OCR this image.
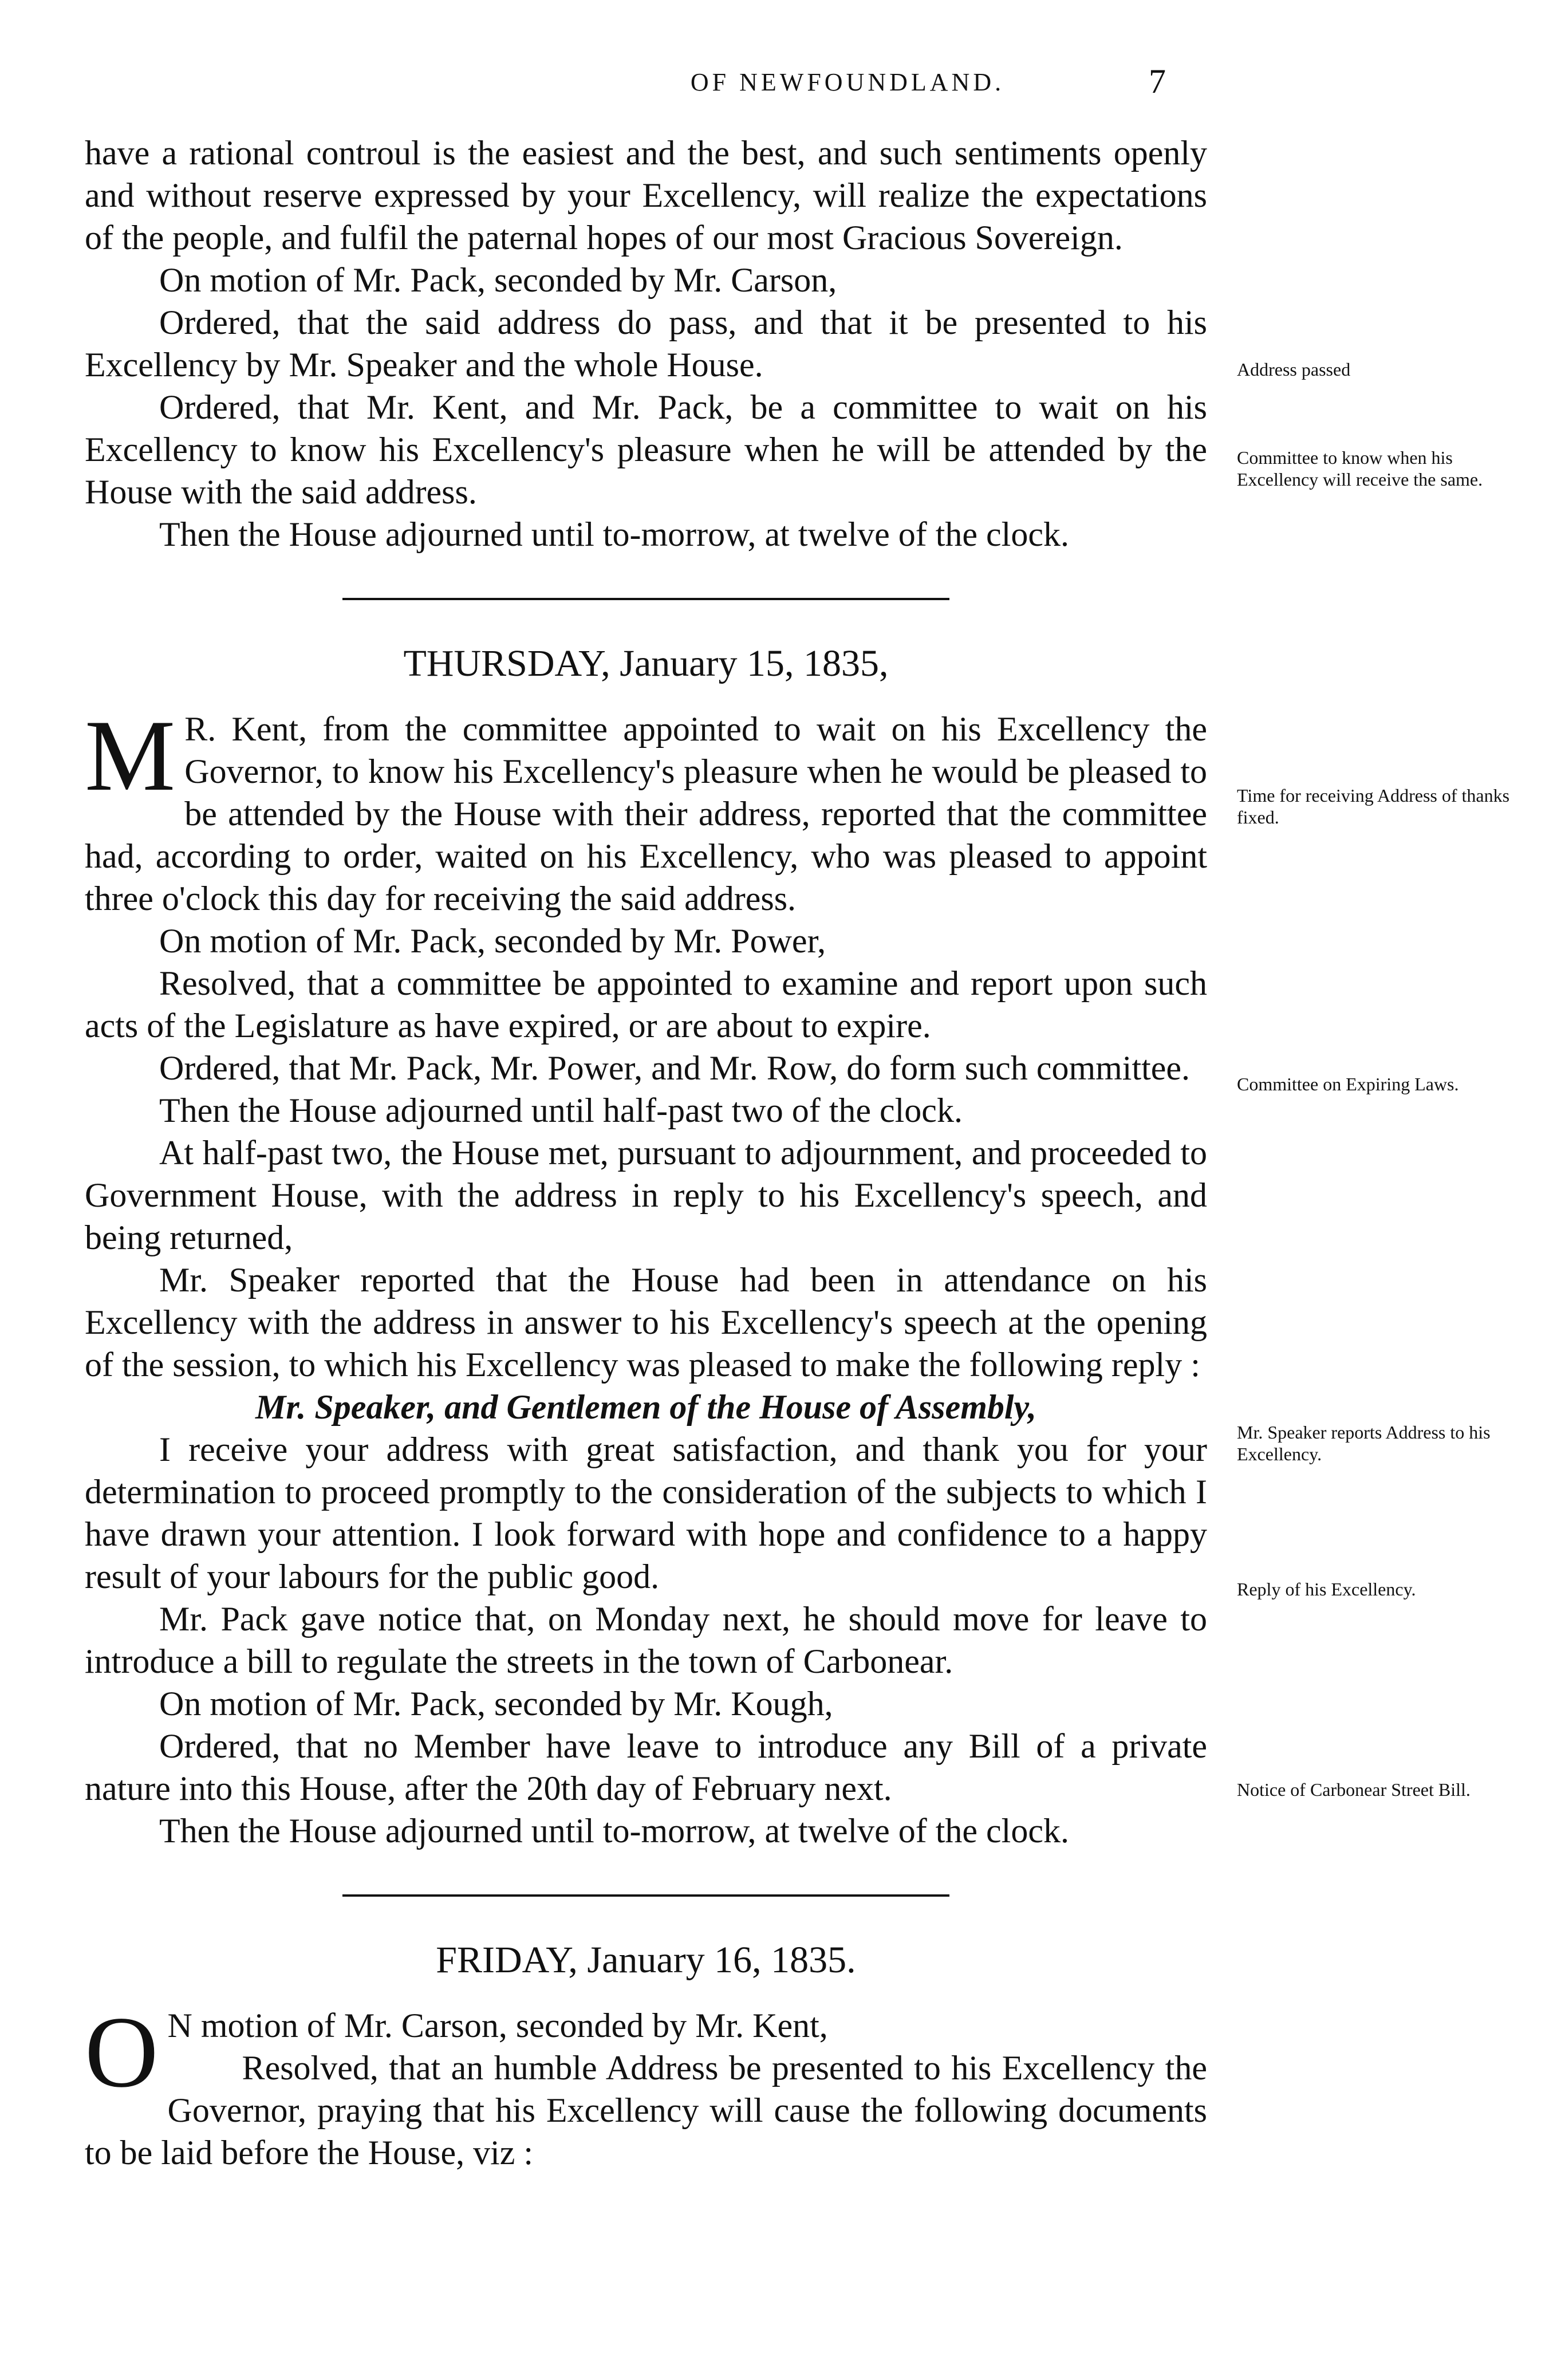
OF NEWFOUNDLAND.	7

have a rational controul is the easiest and the best, and such sentiments openly and without reserve expressed by your Excellency, will realize the expectations of the people, and fulfil the paternal hopes of our most Gracious Sovereign.

On motion of Mr. Pack, seconded by Mr. Carson,

Ordered, that the said address do pass, and that it be presented to his Excellency by Mr. Speaker and the whole House.

Ordered, that Mr. Kent, and Mr. Pack, be a committee to wait on his Excellency to know his Excellency's pleasure when he will be attended by the House with the said address.

Then the House adjourned until to-morrow, at twelve of the clock.

THURSDAY, January 15, 1835,

M R. Kent, from the committee appointed to wait on his Excellency the Governor, to know his Excellency's pleasure when he would be pleased to be attended by the House with their address, reported that the committee had, according to order, waited on his Excellency, who was pleased to appoint three o'clock this day for receiving the said address.

On motion of Mr. Pack, seconded by Mr. Power,

Resolved, that a committee be appointed to examine and report upon such acts of the Legislature as have expired, or are about to expire.

Ordered, that Mr. Pack, Mr. Power, and Mr. Row, do form such committee.

Then the House adjourned until half-past two of the clock.

At half-past two, the House met, pursuant to adjournment, and proceeded to Government House, with the address in reply to his Excellency's speech, and being returned,

Mr. Speaker reported that the House had been in attendance on his Excellency with the address in answer to his Excellency's speech at the opening of the session, to which his Excellency was pleased to make the following reply :

Mr. Speaker, and Gentlemen of the House of Assembly,

I receive your address with great satisfaction, and thank you for your determination to proceed promptly to the consideration of the subjects to which I have drawn your attention. I look forward with hope and confidence to a happy result of your labours for the public good.

Mr. Pack gave notice that, on Monday next, he should move for leave to introduce a bill to regulate the streets in the town of Carbonear.

On motion of Mr. Pack, seconded by Mr. Kough,

Ordered, that no Member have leave to introduce any Bill of a private nature into this House, after the 20th day of February next.

Then the House adjourned until to-morrow, at twelve of the clock.

FRIDAY, January 16, 1835.

O N motion of Mr. Carson, seconded by Mr. Kent,

Resolved, that an humble Address be presented to his Excellency the Governor, praying that his Excellency will cause the following documents to be laid before the House, viz :

Address passed
Committee to know when his Excellency will receive the same.
Time for receiving Address of thanks fixed.
Committee on Expiring Laws.
Mr. Speaker reports Address to his Excellency.
Reply of his Excellency.
Notice of Carbonear Street Bill.
